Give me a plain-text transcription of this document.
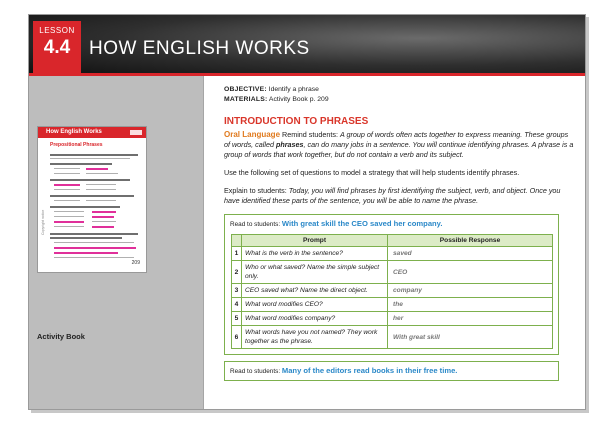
LESSON
4.4 HOW ENGLISH WORKS
How English Works
Prepositional Phrases
Copyright notice
209
Activity Book
OBJECTIVE: Identify a phrase
MATERIALS: Activity Book p. 209
INTRODUCTION TO PHRASES

Oral Language Remind students: A group of words often acts together to express meaning. These groups of words, called phrases, can do many jobs in a sentence. You will continue identifying phrases. A phrase is a group of words that work together, but do not contain a verb and its subject.

Use the following set of questions to model a strategy that will help students identify phrases.

Explain to students: Today, you will find phrases by first identifying the subject, verb, and object. Once you have identified these parts of the sentence, you will be able to name the phrase.

Read to students: With great skill the CEO saved her company.
	Prompt	Possible Response
1	What is the verb in the sentence?	saved
2	Who or what saved? Name the simple subject only.	CEO
3	CEO saved what? Name the direct object.	company
4	What word modifies CEO?	the
5	What word modifies company?	her
6	What words have you not named? They work together as the phrase.	With great skill
Read to students: Many of the editors read books in their free time.
